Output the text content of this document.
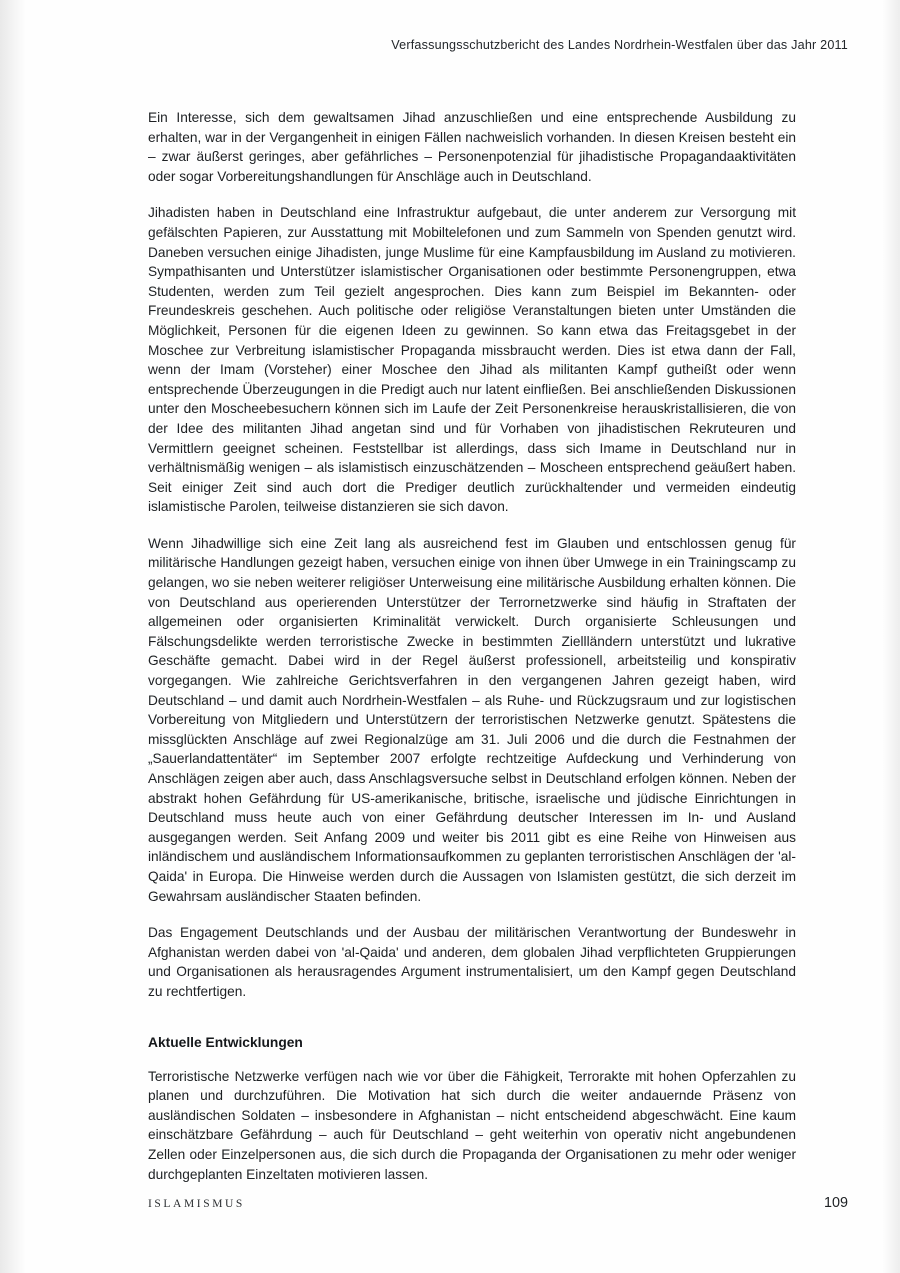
Verfassungsschutzbericht des Landes Nordrhein-Westfalen über das Jahr 2011

Ein Interesse, sich dem gewaltsamen Jihad anzuschließen und eine entsprechende Ausbildung zu erhalten, war in der Vergangenheit in einigen Fällen nachweislich vorhanden. In diesen Kreisen besteht ein – zwar äußerst geringes, aber gefährliches – Personenpotenzial für jihadistische Propagandaaktivitäten oder sogar Vorbereitungshandlungen für Anschläge auch in Deutschland.

Jihadisten haben in Deutschland eine Infrastruktur aufgebaut, die unter anderem zur Versorgung mit gefälschten Papieren, zur Ausstattung mit Mobiltelefonen und zum Sammeln von Spenden genutzt wird. Daneben versuchen einige Jihadisten, junge Muslime für eine Kampfausbildung im Ausland zu motivieren. Sympathisanten und Unterstützer islamistischer Organisationen oder bestimmte Personengruppen, etwa Studenten, werden zum Teil gezielt angesprochen. Dies kann zum Beispiel im Bekannten- oder Freundeskreis geschehen. Auch politische oder religiöse Veranstaltungen bieten unter Umständen die Möglichkeit, Personen für die eigenen Ideen zu gewinnen. So kann etwa das Freitagsgebet in der Moschee zur Verbreitung islamistischer Propaganda missbraucht werden. Dies ist etwa dann der Fall, wenn der Imam (Vorsteher) einer Moschee den Jihad als militanten Kampf gutheißt oder wenn entsprechende Überzeugungen in die Predigt auch nur latent einfließen. Bei anschließenden Diskussionen unter den Moscheebesuchern können sich im Laufe der Zeit Personenkreise herauskristallisieren, die von der Idee des militanten Jihad angetan sind und für Vorhaben von jihadistischen Rekruteuren und Vermittlern geeignet scheinen. Feststellbar ist allerdings, dass sich Imame in Deutschland nur in verhältnismäßig wenigen – als islamistisch einzuschätzenden – Moscheen entsprechend geäußert haben. Seit einiger Zeit sind auch dort die Prediger deutlich zurückhaltender und vermeiden eindeutig islamistische Parolen, teilweise distanzieren sie sich davon.

Wenn Jihadwillige sich eine Zeit lang als ausreichend fest im Glauben und entschlossen genug für militärische Handlungen gezeigt haben, versuchen einige von ihnen über Umwege in ein Trainingscamp zu gelangen, wo sie neben weiterer religiöser Unterweisung eine militärische Ausbildung erhalten können. Die von Deutschland aus operierenden Unterstützer der Terrornetzwerke sind häufig in Straftaten der allgemeinen oder organisierten Kriminalität verwickelt. Durch organisierte Schleusungen und Fälschungsdelikte werden terroristische Zwecke in bestimmten Ziellländern unterstützt und lukrative Geschäfte gemacht. Dabei wird in der Regel äußerst professionell, arbeitsteilig und konspirativ vorgegangen. Wie zahlreiche Gerichtsverfahren in den vergangenen Jahren gezeigt haben, wird Deutschland – und damit auch Nordrhein-Westfalen – als Ruhe- und Rückzugsraum und zur logistischen Vorbereitung von Mitgliedern und Unterstützern der terroristischen Netzwerke genutzt. Spätestens die missglückten Anschläge auf zwei Regionalzüge am 31. Juli 2006 und die durch die Festnahmen der „Sauerlandattentäter“ im September 2007 erfolgte rechtzeitige Aufdeckung und Verhinderung von Anschlägen zeigen aber auch, dass Anschlagsversuche selbst in Deutschland erfolgen können. Neben der abstrakt hohen Gefährdung für US-amerikanische, britische, israelische und jüdische Einrichtungen in Deutschland muss heute auch von einer Gefährdung deutscher Interessen im In- und Ausland ausgegangen werden. Seit Anfang 2009 und weiter bis 2011 gibt es eine Reihe von Hinweisen aus inländischem und ausländischem Informationsaufkommen zu geplanten terroristischen Anschlägen der 'al-Qaida' in Europa. Die Hinweise werden durch die Aussagen von Islamisten gestützt, die sich derzeit im Gewahrsam ausländischer Staaten befinden.

Das Engagement Deutschlands und der Ausbau der militärischen Verantwortung der Bundeswehr in Afghanistan werden dabei von 'al-Qaida' und anderen, dem globalen Jihad verpflichteten Gruppierungen und Organisationen als herausragendes Argument instrumentalisiert, um den Kampf gegen Deutschland zu rechtfertigen.

Aktuelle Entwicklungen

Terroristische Netzwerke verfügen nach wie vor über die Fähigkeit, Terrorakte mit hohen Opferzahlen zu planen und durchzuführen. Die Motivation hat sich durch die weiter andauernde Präsenz von ausländischen Soldaten – insbesondere in Afghanistan – nicht entscheidend abgeschwächt. Eine kaum einschätzbare Gefährdung – auch für Deutschland – geht weiterhin von operativ nicht angebundenen Zellen oder Einzelpersonen aus, die sich durch die Propaganda der Organisationen zu mehr oder weniger durchgeplanten Einzeltaten motivieren lassen.

ISLAMISMUS	109
